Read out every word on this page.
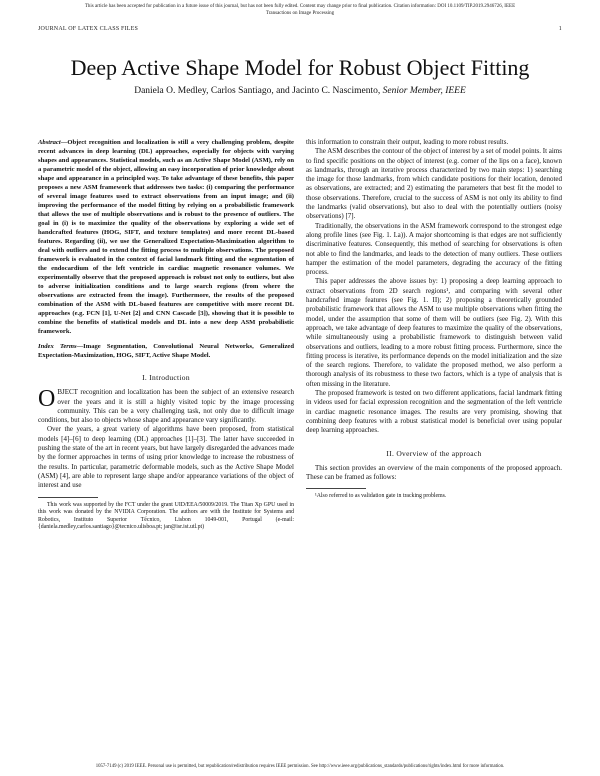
This article has been accepted for publication in a future issue of this journal, but has not been fully edited. Content may change prior to final publication. Citation information: DOI 10.1109/TIP.2019.2946726, IEEE
Transactions on Image Processing
JOURNAL OF LATEX CLASS FILES	1
Deep Active Shape Model for Robust Object Fitting
Daniela O. Medley, Carlos Santiago, and Jacinto C. Nascimento, Senior Member, IEEE
Abstract—Object recognition and localization is still a very challenging problem, despite recent advances in deep learning (DL) approaches, especially for objects with varying shapes and appearances. Statistical models, such as an Active Shape Model (ASM), rely on a parametric model of the object, allowing an easy incorporation of prior knowledge about shape and appearance in a principled way. To take advantage of these benefits, this paper proposes a new ASM framework that addresses two tasks: (i) comparing the performance of several image features used to extract observations from an input image; and (ii) improving the performance of the model fitting by relying on a probabilistic framework that allows the use of multiple observations and is robust to the presence of outliers. The goal in (i) is to maximize the quality of the observations by exploring a wide set of handcrafted features (HOG, SIFT, and texture templates) and more recent DL-based features. Regarding (ii), we use the Generalized Expectation-Maximization algorithm to deal with outliers and to extend the fitting process to multiple observations. The proposed framework is evaluated in the context of facial landmark fitting and the segmentation of the endocardium of the left ventricle in cardiac magnetic resonance volumes. We experimentally observe that the proposed approach is robust not only to outliers, but also to adverse initialization conditions and to large search regions (from where the observations are extracted from the image). Furthermore, the results of the proposed combination of the ASM with DL-based features are competitive with more recent DL approaches (e.g. FCN [1], U-Net [2] and CNN Cascade [3]), showing that it is possible to combine the benefits of statistical models and DL into a new deep ASM probabilistic framework.
Index Terms—Image Segmentation, Convolutional Neural Networks, Generalized Expectation-Maximization, HOG, SIFT, Active Shape Model.
I. Introduction

OBJECT recognition and localization has been the subject of an extensive research over the years and it is still a highly visited topic by the image processing community. This can be a very challenging task, not only due to difficult image conditions, but also to objects whose shape and appearance vary significantly.

Over the years, a great variety of algorithms have been proposed, from statistical models [4]–[6] to deep learning (DL) approaches [1]–[3]. The latter have succeeded in pushing the state of the art in recent years, but have largely disregarded the advances made by the former approaches in terms of using prior knowledge to increase the robustness of the results. In particular, parametric deformable models, such as the Active Shape Model (ASM) [4], are able to represent large shape and/or appearance variations of the object of interest and use

This work was supported by the FCT under the grant UID/EEA/50009/2019. The Titan Xp GPU used in this work was donated by the NVIDIA Corporation. The authors are with the Institute for Systems and Robotics, Instituto Superior Técnico, Lisbon 1049-001, Portugal (e-mail: {daniela.medley,carlos.santiago}@tecnico.ulisboa.pt; jan@isr.ist.utl.pt)

this information to constrain their output, leading to more robust results.

The ASM describes the contour of the object of interest by a set of model points. It aims to find specific positions on the object of interest (e.g. corner of the lips on a face), known as landmarks, through an iterative process characterized by two main steps: 1) searching the image for those landmarks, from which candidate positions for their location, denoted as observations, are extracted; and 2) estimating the parameters that best fit the model to those observations. Therefore, crucial to the success of ASM is not only its ability to find the landmarks (valid observations), but also to deal with the potentially outliers (noisy observations) [7].

Traditionally, the observations in the ASM framework correspond to the strongest edge along profile lines (see Fig. 1. I.a)). A major shortcoming is that edges are not sufficiently discriminative features. Consequently, this method of searching for observations is often not able to find the landmarks, and leads to the detection of many outliers. These outliers hamper the estimation of the model parameters, degrading the accuracy of the fitting process.

This paper addresses the above issues by: 1) proposing a deep learning approach to extract observations from 2D search regions¹, and comparing with several other handcrafted image features (see Fig. 1. II); 2) proposing a theoretically grounded probabilistic framework that allows the ASM to use multiple observations when fitting the model, under the assumption that some of them will be outliers (see Fig. 2). With this approach, we take advantage of deep features to maximize the quality of the observations, while simultaneously using a probabilistic framework to distinguish between valid observations and outliers, leading to a more robust fitting process. Furthermore, since the fitting process is iterative, its performance depends on the model initialization and the size of the search regions. Therefore, to validate the proposed method, we also perform a thorough analysis of its robustness to these two factors, which is a type of analysis that is often missing in the literature.

The proposed framework is tested on two different applications, facial landmark fitting in videos used for facial expression recognition and the segmentation of the left ventricle in cardiac magnetic resonance images. The results are very promising, showing that combining deep features with a robust statistical model is beneficial over using popular deep learning approaches.

II. Overview of the approach

This section provides an overview of the main components of the proposed approach. These can be framed as follows:

¹Also referred to as validation gate in tracking problems.

1057-7149 (c) 2019 IEEE. Personal use is permitted, but republication/redistribution requires IEEE permission. See http://www.ieee.org/publications_standards/publications/rights/index.html for more information.
